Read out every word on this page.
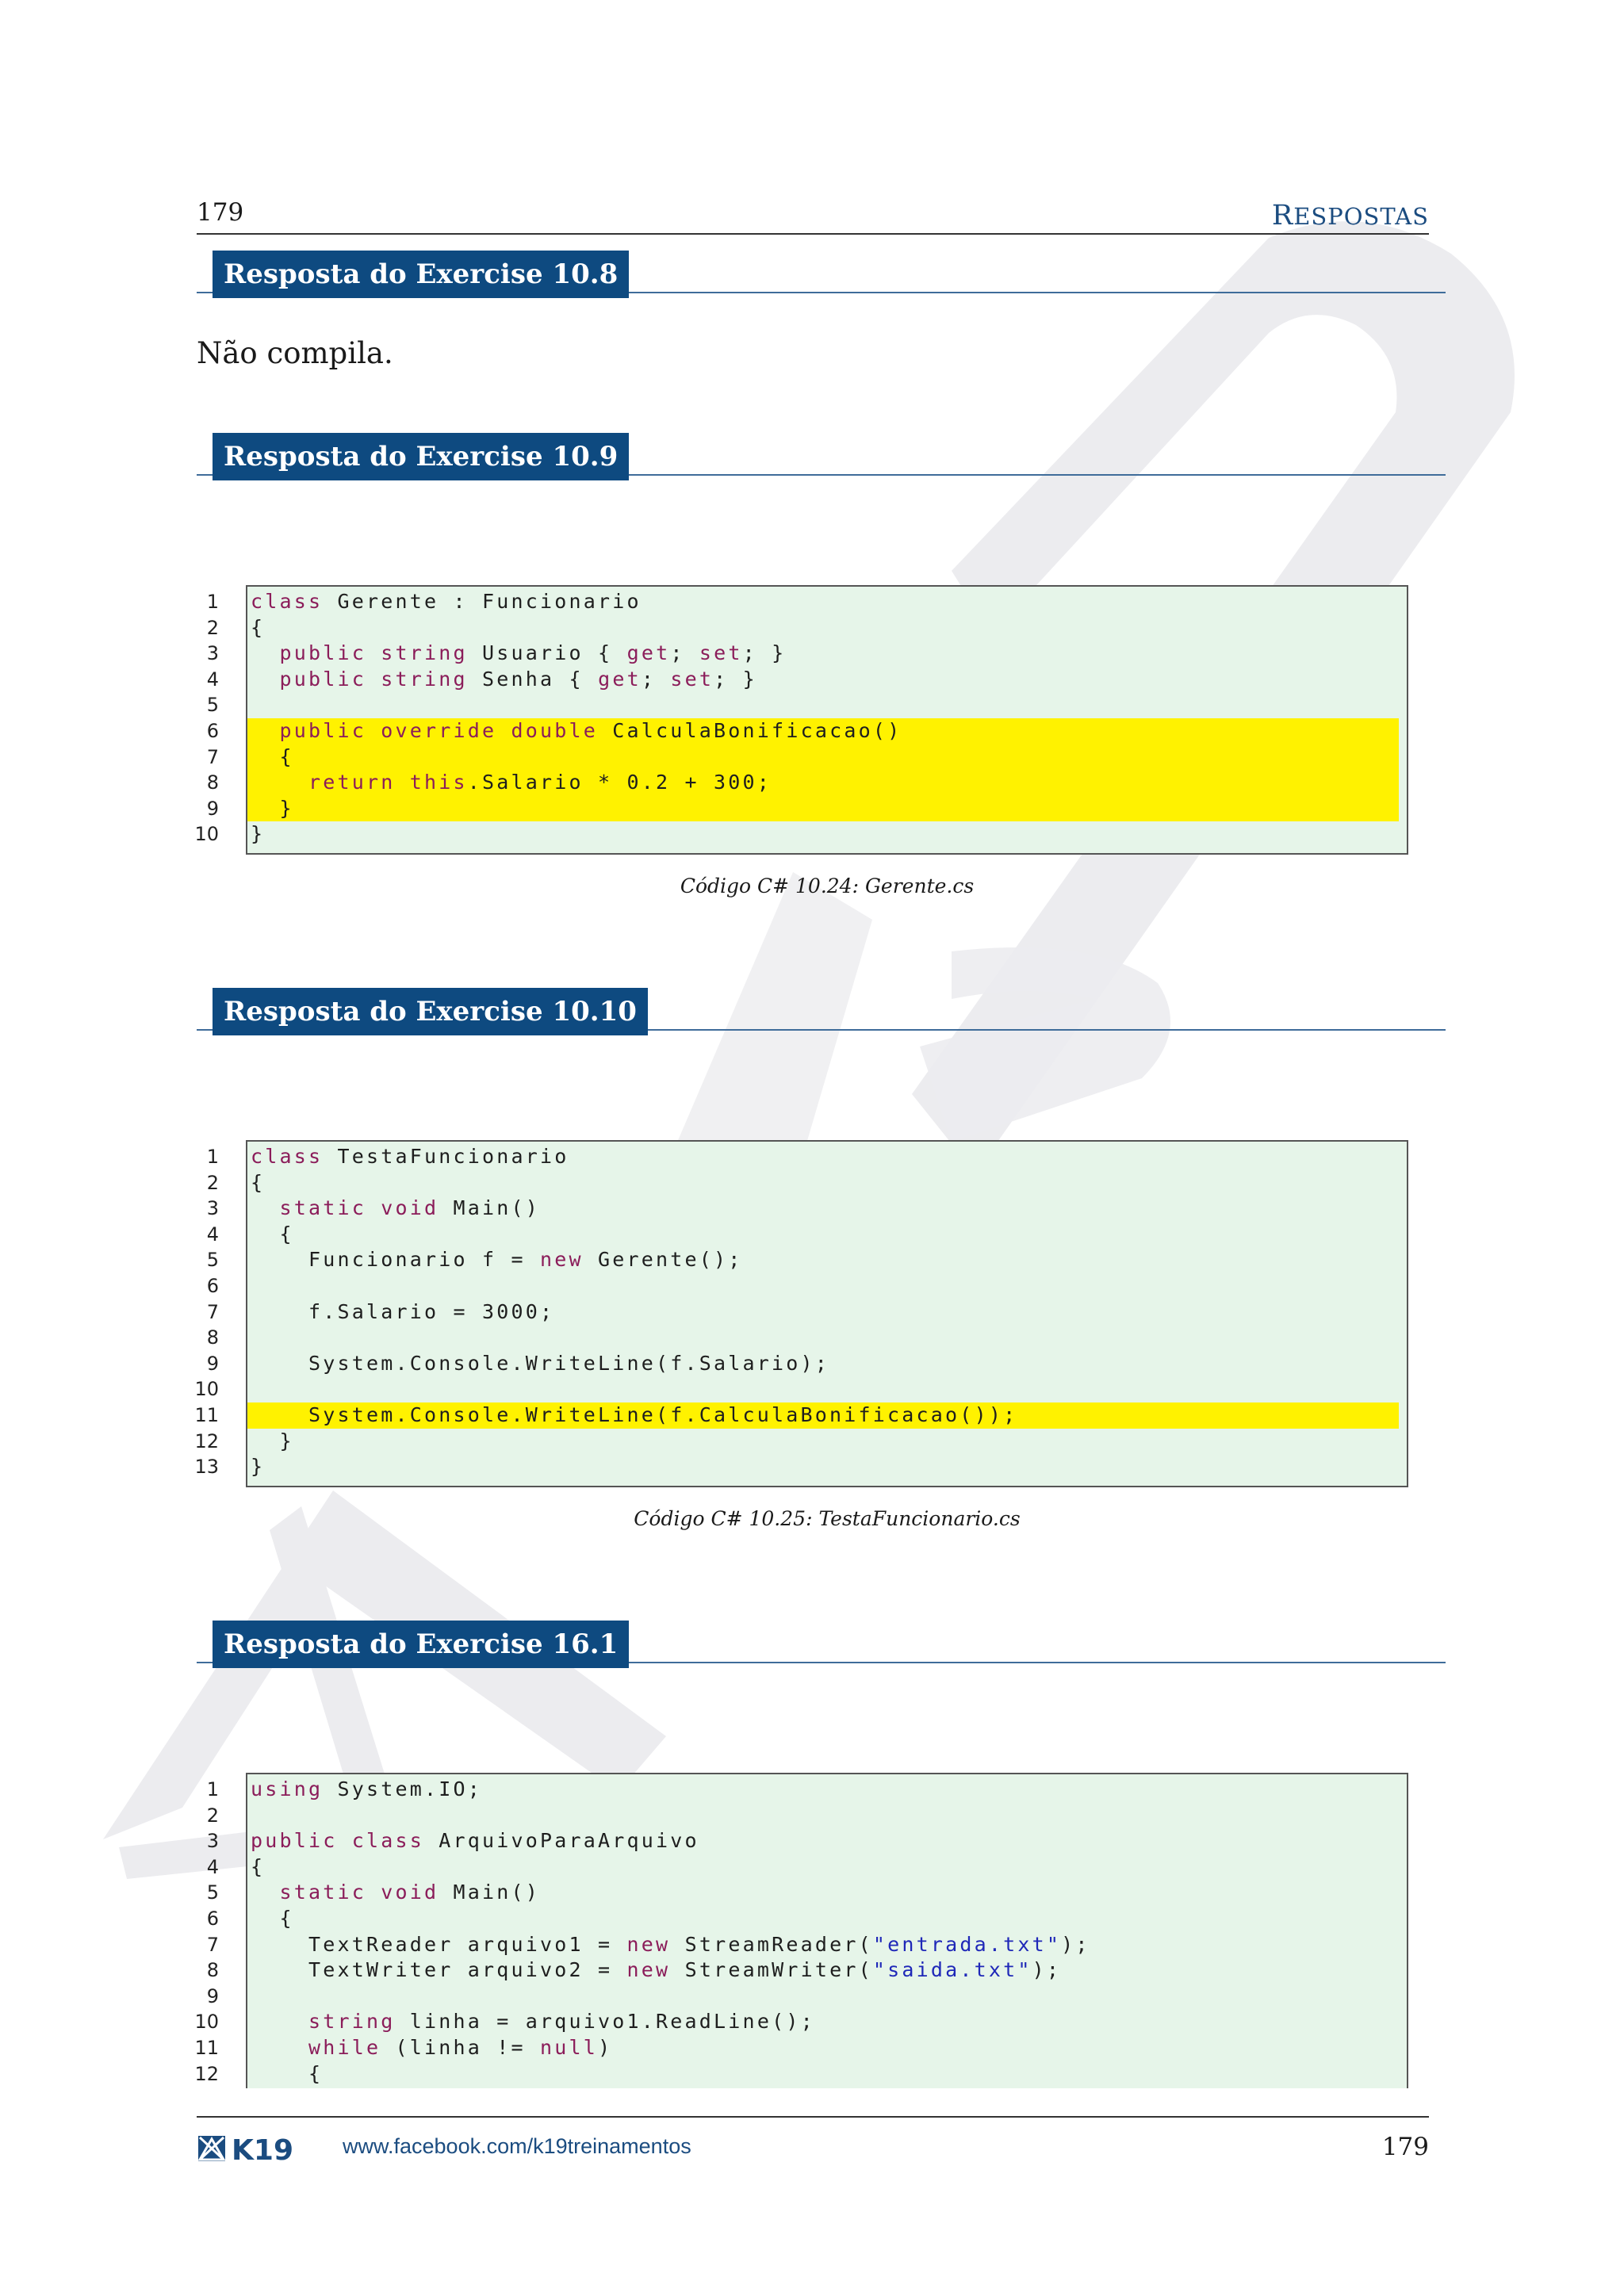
179	RESPOSTAS
Resposta do Exercise 10.8
Não compila.
Resposta do Exercise 10.9
1
2
3
4
5
6
7
8
9
10
class Gerente : Funcionario
{
public string Usuario { get; set; }
public string Senha { get; set; }
public override double CalculaBonificacao()
{
return this.Salario * 0.2 + 300;
}
}
Código C# 10.24: Gerente.cs
Resposta do Exercise 10.10
1
2
3
4
5
6
7
8
9
10
11
12
13
class TestaFuncionario
{
static void Main()
{
Funcionario f = new Gerente();
f.Salario = 3000;
System.Console.WriteLine(f.Salario);
System.Console.WriteLine(f.CalculaBonificacao());
}
}
Código C# 10.25: TestaFuncionario.cs
Resposta do Exercise 16.1
1
2
3
4
5
6
7
8
9
10
11
12
using System.IO;
public class ArquivoParaArquivo
{
static void Main()
{
TextReader arquivo1 = new StreamReader("entrada.txt");
TextWriter arquivo2 = new StreamWriter("saida.txt");
string linha = arquivo1.ReadLine();
while (linha != null)
{
K19 www.facebook.com/k19treinamentos	179
